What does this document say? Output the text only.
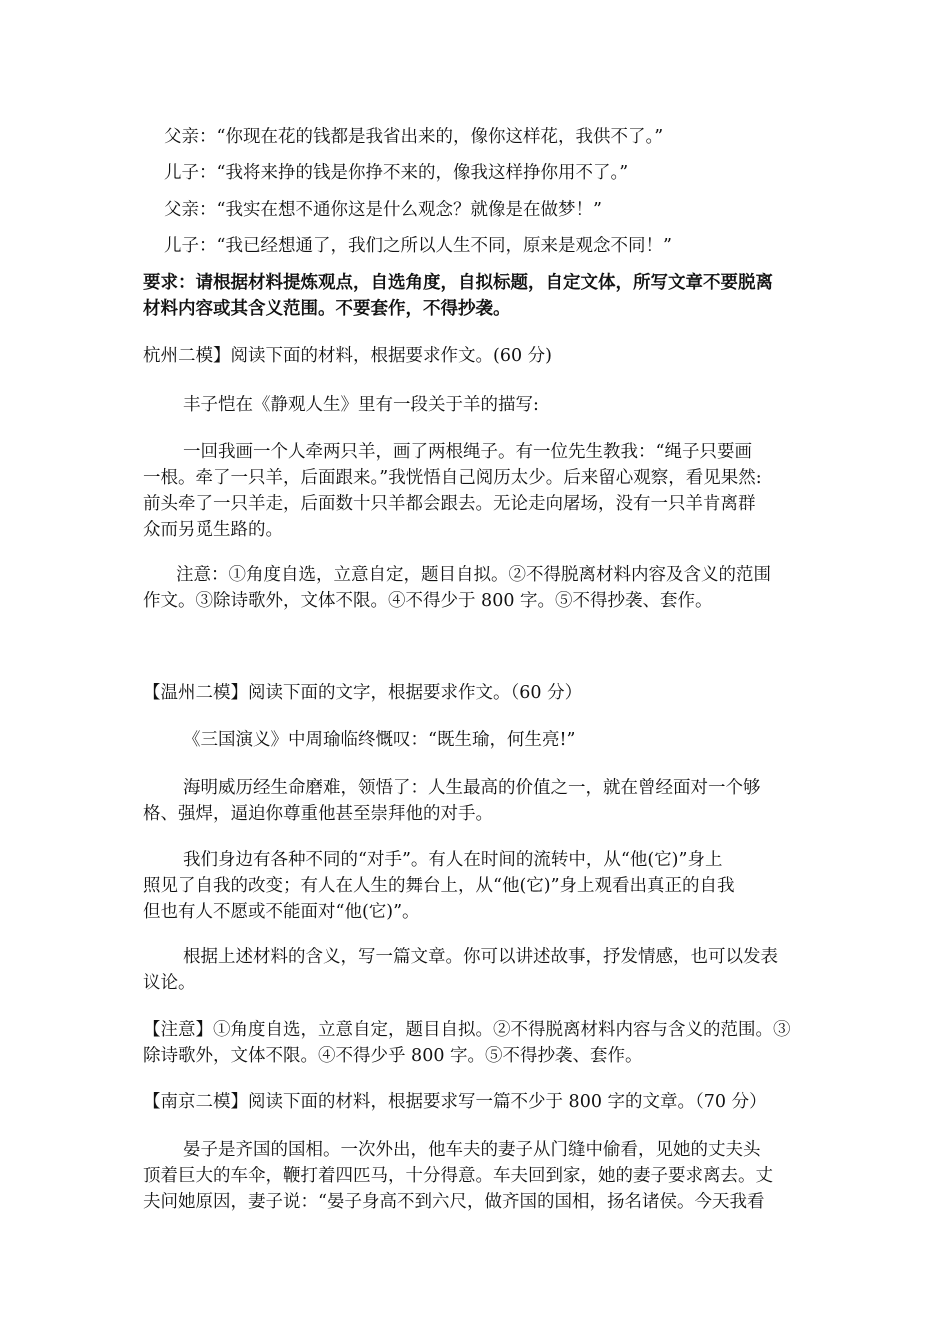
父亲：“你现在花的钱都是我省出来的，像你这样花，我供不了。”
儿子：“我将来挣的钱是你挣不来的，像我这样挣你用不了。”
父亲：“我实在想不通你这是什么观念？就像是在做梦！”
儿子：“我已经想通了，我们之所以人生不同，原来是观念不同！”
要求：请根据材料提炼观点，自选角度，自拟标题，自定文体，所写文章不要脱离
材料内容或其含义范围。不要套作，不得抄袭。
杭州二模】阅读下面的材料，根据要求作文。(60 分)
丰子恺在《静观人生》里有一段关于羊的描写:
一回我画一个人牵两只羊，画了两根绳子。有一位先生教我：“绳子只要画
一根。牵了一只羊，后面跟来。”我恍悟自己阅历太少。后来留心观察，看见果然:
前头牵了一只羊走，后面数十只羊都会跟去。无论走向屠场，没有一只羊肯离群
众而另觅生路的。
注意：①角度自选，立意自定，题目自拟。②不得脱离材料内容及含义的范围
作文。③除诗歌外，文体不限。④不得少于 800 字。⑤不得抄袭、套作。
【温州二模】阅读下面的文字，根据要求作文。（60 分）
《三国演义》中周瑜临终慨叹：“既生瑜，何生亮!”
海明威历经生命磨难，领悟了：人生最高的价值之一，就在曾经面对一个够
格、强焊，逼迫你尊重他甚至崇拜他的对手。
我们身边有各种不同的“对手”。有人在时间的流转中，从“他(它)”身上
照见了自我的改变；有人在人生的舞台上，从“他(它)”身上观看出真正的自我
但也有人不愿或不能面对“他(它)”。
根据上述材料的含义，写一篇文章。你可以讲述故事，抒发情感，也可以发表
议论。
【注意】①角度自选，立意自定，题目自拟。②不得脱离材料内容与含义的范围。③
除诗歌外，文体不限。④不得少乎 800 字。⑤不得抄袭、套作。
【南京二模】阅读下面的材料，根据要求写一篇不少于 800 字的文章。（70 分）
晏子是齐国的国相。一次外出，他车夫的妻子从门缝中偷看，见她的丈夫头
顶着巨大的车伞，鞭打着四匹马，十分得意。车夫回到家，她的妻子要求离去。丈
夫问她原因，妻子说：“晏子身高不到六尺，做齐国的国相，扬名诸侯。今天我看
